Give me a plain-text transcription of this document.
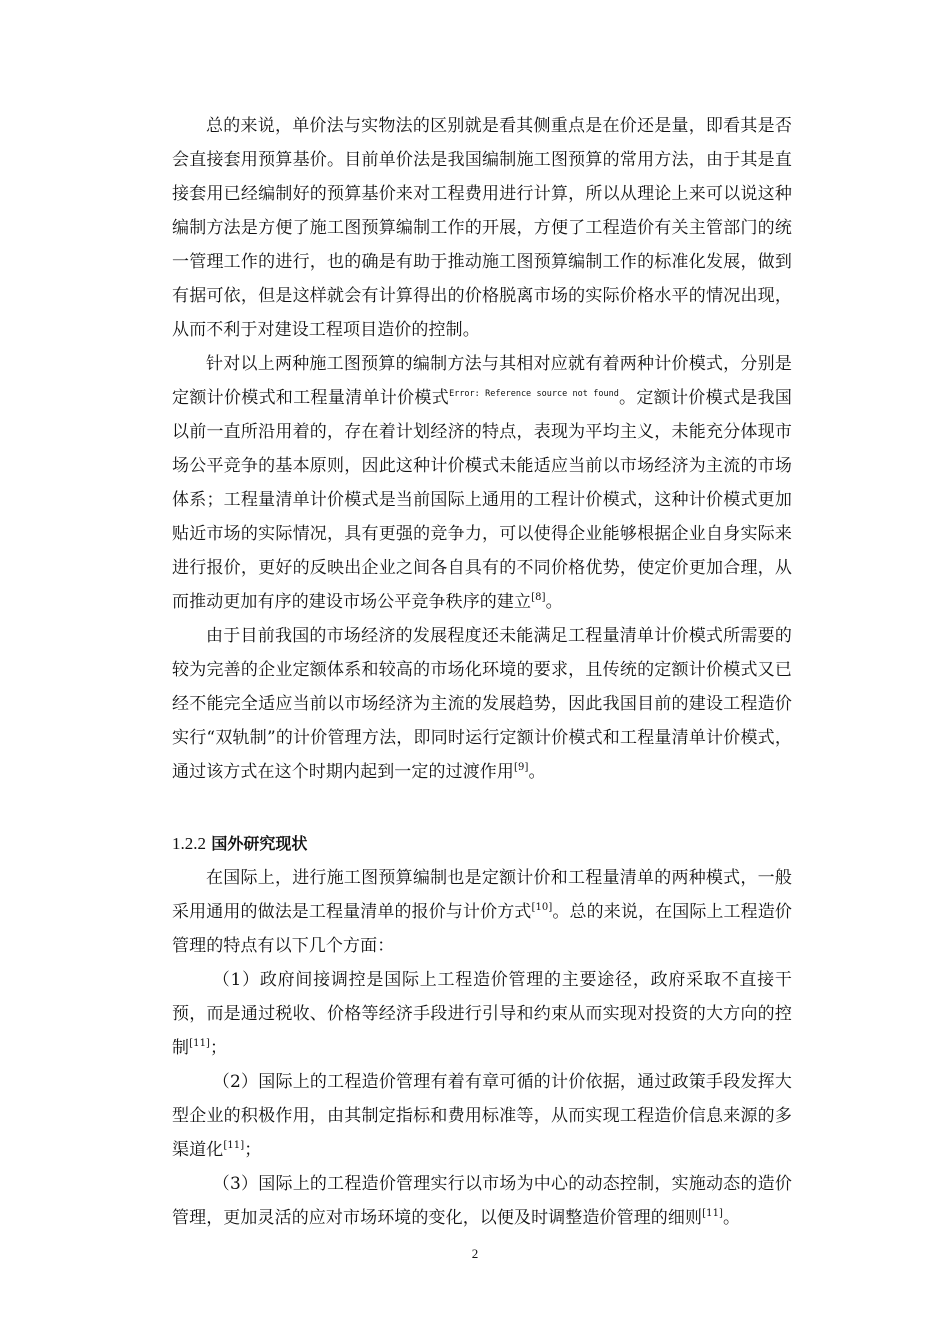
总的来说，单价法与实物法的区别就是看其侧重点是在价还是量，即看其是否会直接套用预算基价。目前单价法是我国编制施工图预算的常用方法，由于其是直接套用已经编制好的预算基价来对工程费用进行计算，所以从理论上来可以说这种编制方法是方便了施工图预算编制工作的开展，方便了工程造价有关主管部门的统一管理工作的进行，也的确是有助于推动施工图预算编制工作的标准化发展，做到有据可依，但是这样就会有计算得出的价格脱离市场的实际价格水平的情况出现，从而不利于对建设工程项目造价的控制。

针对以上两种施工图预算的编制方法与其相对应就有着两种计价模式，分别是定额计价模式和工程量清单计价模式$^{Error: Reference source not found}$。定额计价模式是我国以前一直所沿用着的，存在着计划经济的特点，表现为平均主义，未能充分体现市场公平竞争的基本原则，因此这种计价模式未能适应当前以市场经济为主流的市场体系；工程量清单计价模式是当前国际上通用的工程计价模式，这种计价模式更加贴近市场的实际情况，具有更强的竞争力，可以使得企业能够根据企业自身实际来进行报价，更好的反映出企业之间各自具有的不同价格优势，使定价更加合理，从而推动更加有序的建设市场公平竞争秩序的建立[8]。

由于目前我国的市场经济的发展程度还未能满足工程量清单计价模式所需要的较为完善的企业定额体系和较高的市场化环境的要求，且传统的定额计价模式又已经不能完全适应当前以市场经济为主流的发展趋势，因此我国目前的建设工程造价实行“双轨制”的计价管理方法，即同时运行定额计价模式和工程量清单计价模式，通过该方式在这个时期内起到一定的过渡作用[9]。

1.2.2 国外研究现状

在国际上，进行施工图预算编制也是定额计价和工程量清单的两种模式，一般采用通用的做法是工程量清单的报价与计价方式[10]。总的来说，在国际上工程造价管理的特点有以下几个方面：

（1）政府间接调控是国际上工程造价管理的主要途径，政府采取不直接干预，而是通过税收、价格等经济手段进行引导和约束从而实现对投资的大方向的控制[11]；

（2）国际上的工程造价管理有着有章可循的计价依据，通过政策手段发挥大型企业的积极作用，由其制定指标和费用标准等，从而实现工程造价信息来源的多渠道化[11]；

（3）国际上的工程造价管理实行以市场为中心的动态控制，实施动态的造价管理，更加灵活的应对市场环境的变化，以便及时调整造价管理的细则[11]。

2
